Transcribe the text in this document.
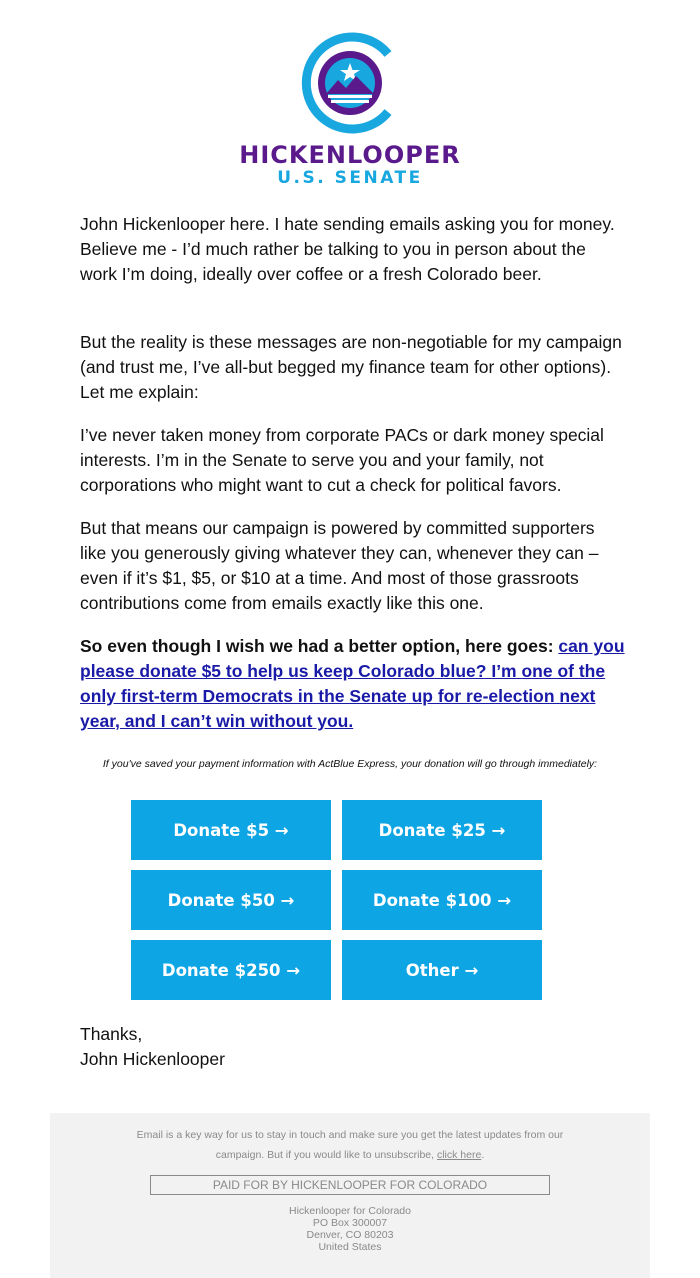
HICKENLOOPER
U.S. SENATE

John Hickenlooper here. I hate sending emails asking you for money. Believe me - I’d much rather be talking to you in person about the work I’m doing, ideally over coffee or a fresh Colorado beer.

But the reality is these messages are non-negotiable for my campaign (and trust me, I’ve all-but begged my finance team for other options). Let me explain:

I’ve never taken money from corporate PACs or dark money special interests. I’m in the Senate to serve you and your family, not corporations who might want to cut a check for political favors.

But that means our campaign is powered by committed supporters like you generously giving whatever they can, whenever they can – even if it’s $1, $5, or $10 at a time. And most of those grassroots contributions come from emails exactly like this one.

So even though I wish we had a better option, here goes: can you please donate $5 to help us keep Colorado blue? I’m one of the only first-term Democrats in the Senate up for re-election next year, and I can’t win without you.

If you've saved your payment information with ActBlue Express, your donation will go through immediately:
Donate $5 →	Donate $25 →
Donate $50 →	Donate $100 →
Donate $250 →	Other →
Thanks,
John Hickenlooper
Email is a key way for us to stay in touch and make sure you get the latest updates from our campaign. But if you would like to unsubscribe, click here.
PAID FOR BY HICKENLOOPER FOR COLORADO
Hickenlooper for Colorado
PO Box 300007
Denver, CO 80203
United States
